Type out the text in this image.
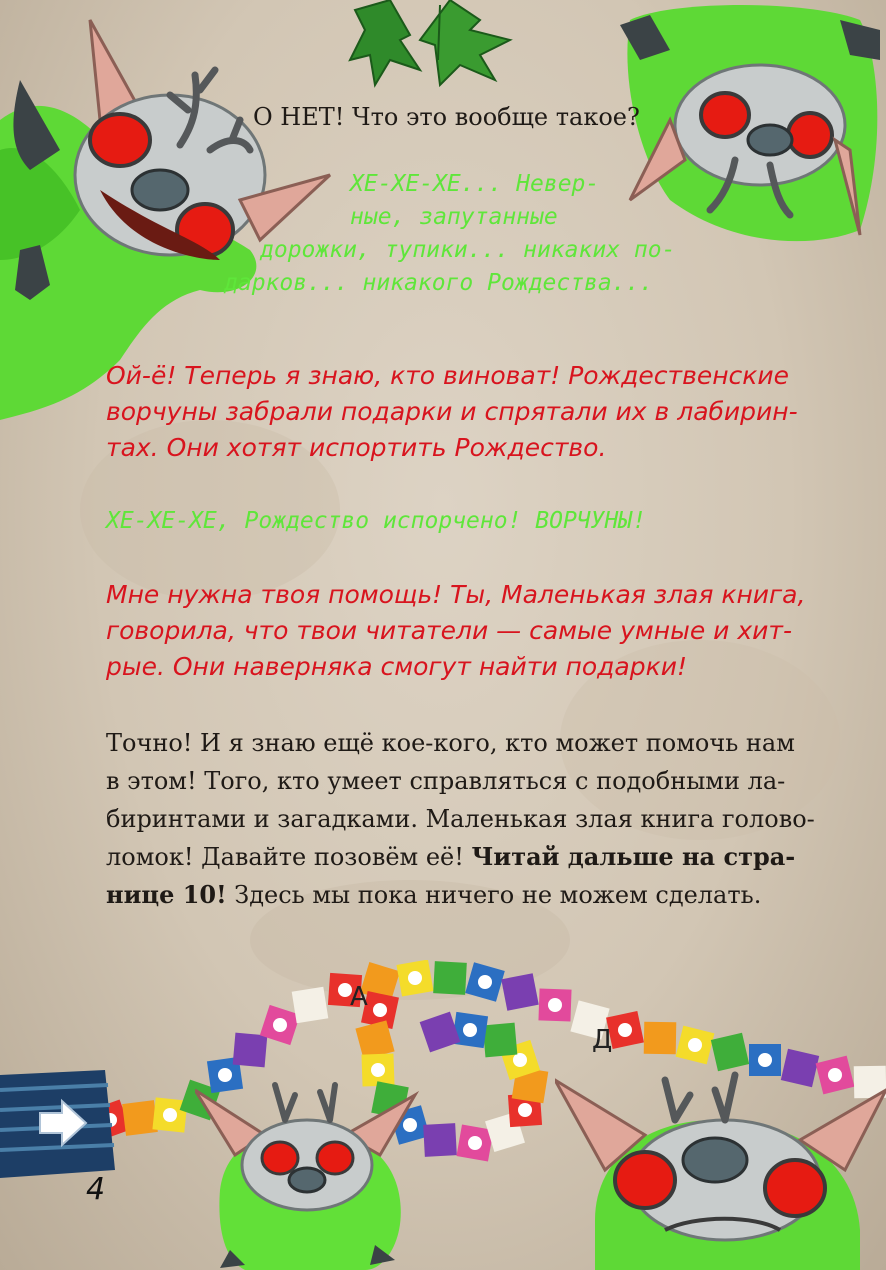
О НЕТ! Что это вообще такое?

ХЕ-ХЕ-ХЕ... Невер-
ные, запутанные
дорожки, тупики... никаких по-
дарков... никакого Рождества...
Ой-ё! Теперь я знаю, кто виноват! Рождественские
ворчуны забрали подарки и спрятали их в лабирин-
тах. Они хотят испортить Рождество.

ХЕ-ХЕ-ХЕ, Рождество испорчено! ВОРЧУНЫ!

Мне нужна твоя помощь! Ты, Маленькая злая книга,
говорила, что твои читатели — самые умные и хит-
рые. Они наверняка смогут найти подарки!
Точно! И я знаю ещё кое-кого, кто может помочь нам
в этом! Того, кто умеет справляться с подобными ла-
биринтами и загадками. Маленькая злая книга голово-
ломок! Давайте позовём её! Читай дальше на стра-
нице 10! Здесь мы пока ничего не можем сделать.
А
Д
4
